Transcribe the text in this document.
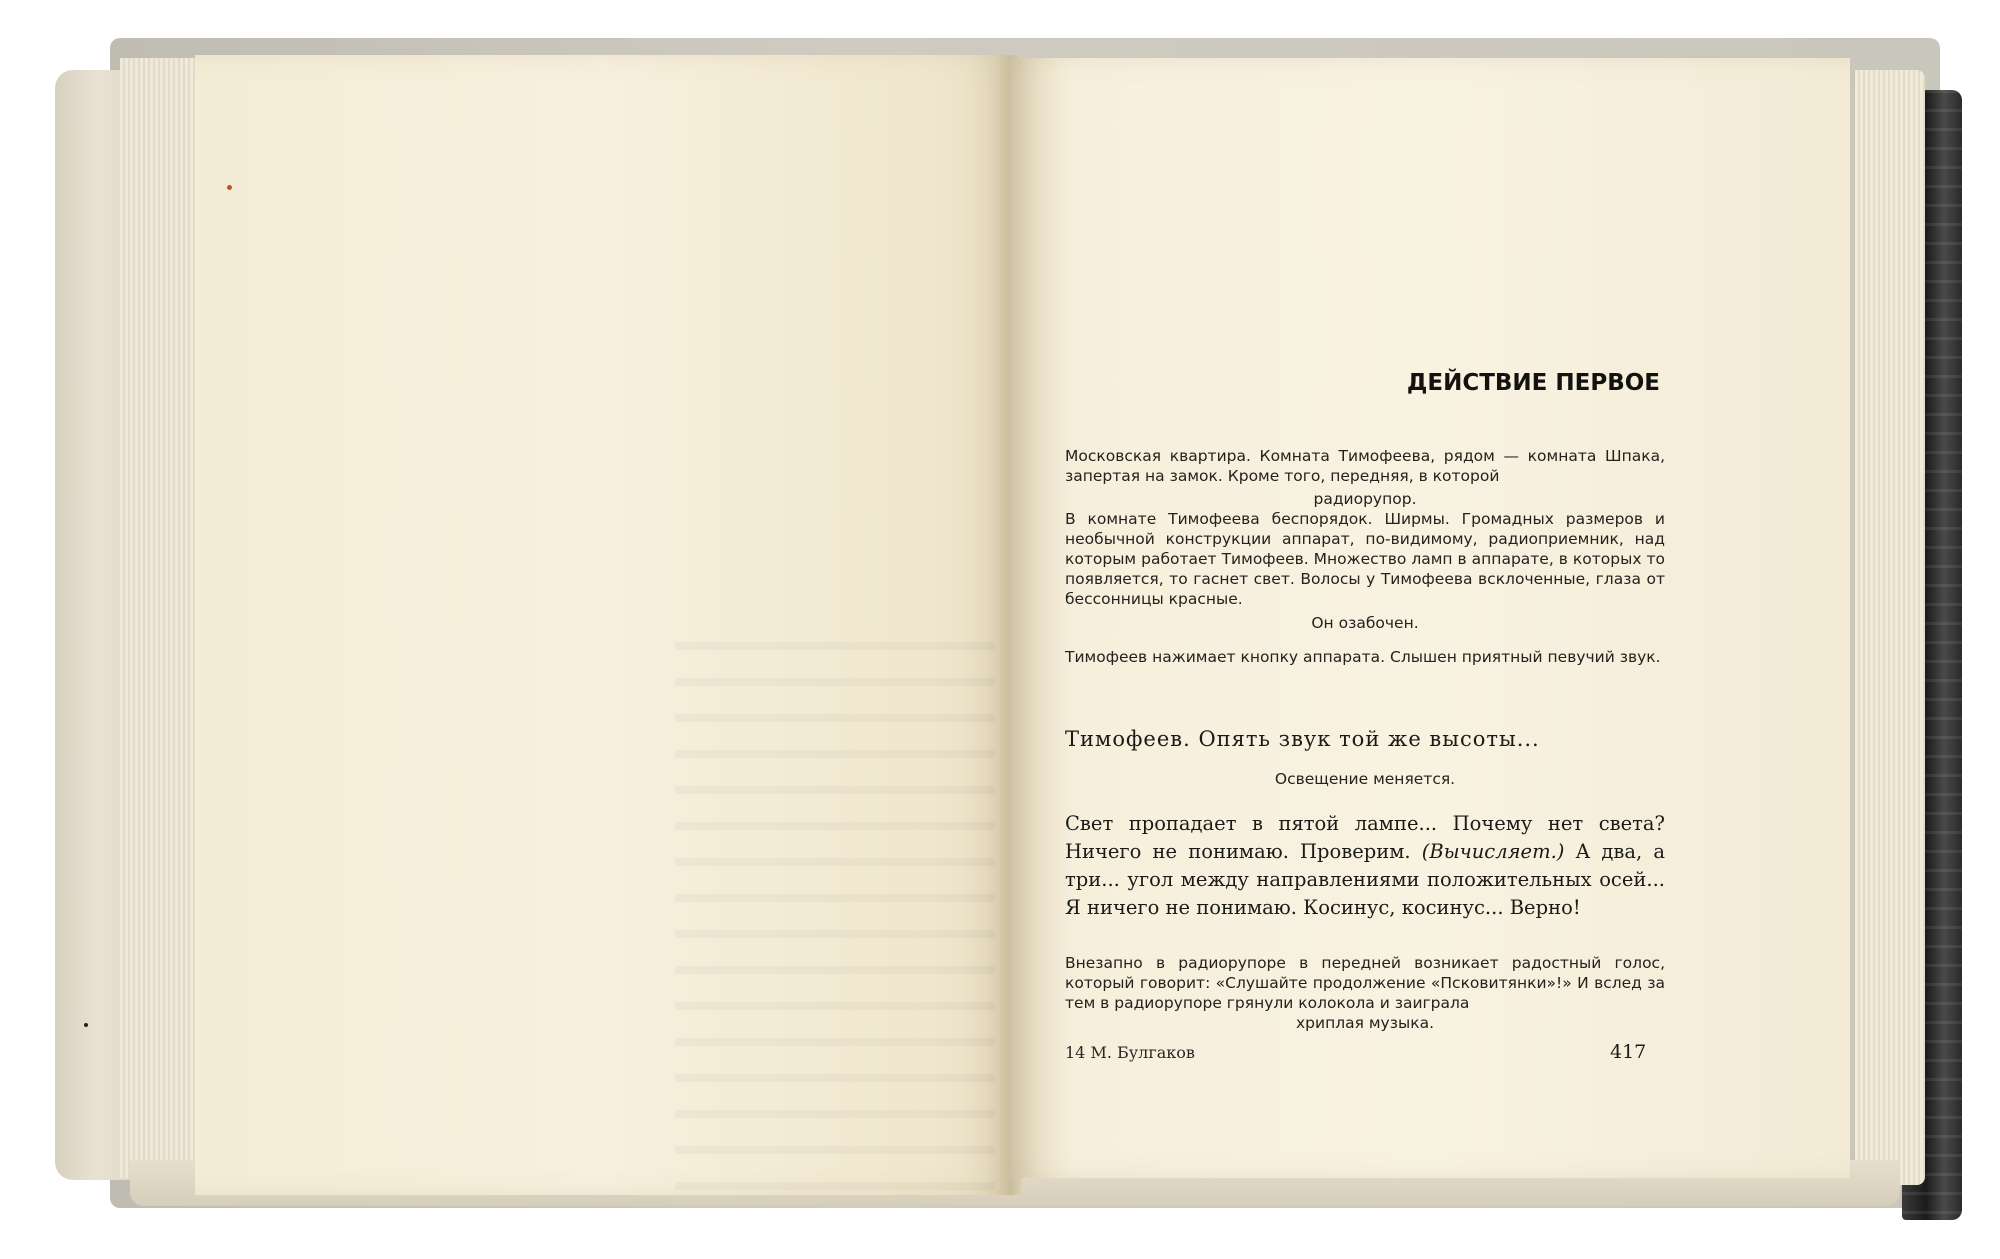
ДЕЙСТВИЕ ПЕРВОЕ
Московская квартира. Комната Тимофеева, рядом — комната Шпака, запертая на замок. Кроме того, передняя, в которой
радиорупор.
В комнате Тимофеева беспорядок. Ширмы. Громадных размеров и необычной конструкции аппарат, по-видимому, радиоприемник, над которым работает Тимофеев. Множество ламп в аппарате, в которых то появляется, то гаснет свет. Волосы у Тимофеева всклоченные, глаза от бессонницы красные.
Он озабочен.
Тимофеев нажимает кнопку аппарата. Слышен приятный певучий звук.
Тимофеев. Опять звук той же высоты...
Освещение меняется.
Свет пропадает в пятой лампе... Почему нет света? Ничего не понимаю. Проверим. (Вычисляет.) А два, а три... угол между направлениями положительных осей... Я ничего не понимаю. Косинус, косинус... Верно!
Внезапно в радиорупоре в передней возникает радостный голос, который говорит: «Слушайте продолжение «Псковитянки»!» И вслед за тем в радиорупоре грянули колокола и заиграла
хриплая музыка.
14 М. Булгаков	417
